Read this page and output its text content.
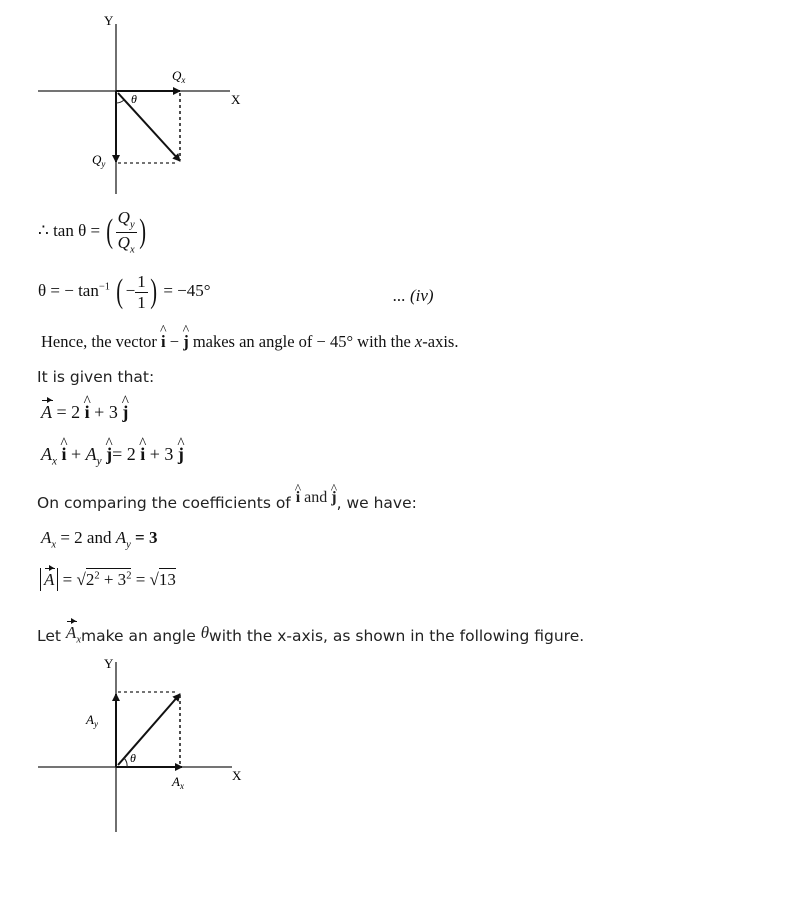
Y
X
θ
$Q_x$
$Q_y$
∴ tan θ = ( $\frac{Q_y}{Q_x}$ )
θ = − $\tan^{-1}$ ( − $\frac{1}{1}$ ) = −45°	... (iv)
Hence, the vector ^ i − ^ j makes an angle of − 45° with the x-axis.
It is given that:
A = 2 ^ i + 3 ^ j
$A_x$ ^ $i + A_y$ ^ j= 2 ^ i + 3 ^ j
On comparing the coefficients of ^ i and ^ j, we have:
$A_x = 2$ and $A_y = 3$
$A = √2^2 + 3^2 = √13$
Let $A_xmake$ an angle θwith the x-axis, as shown in the following figure.
Y
X
θ
$A_y$
$A_x$
